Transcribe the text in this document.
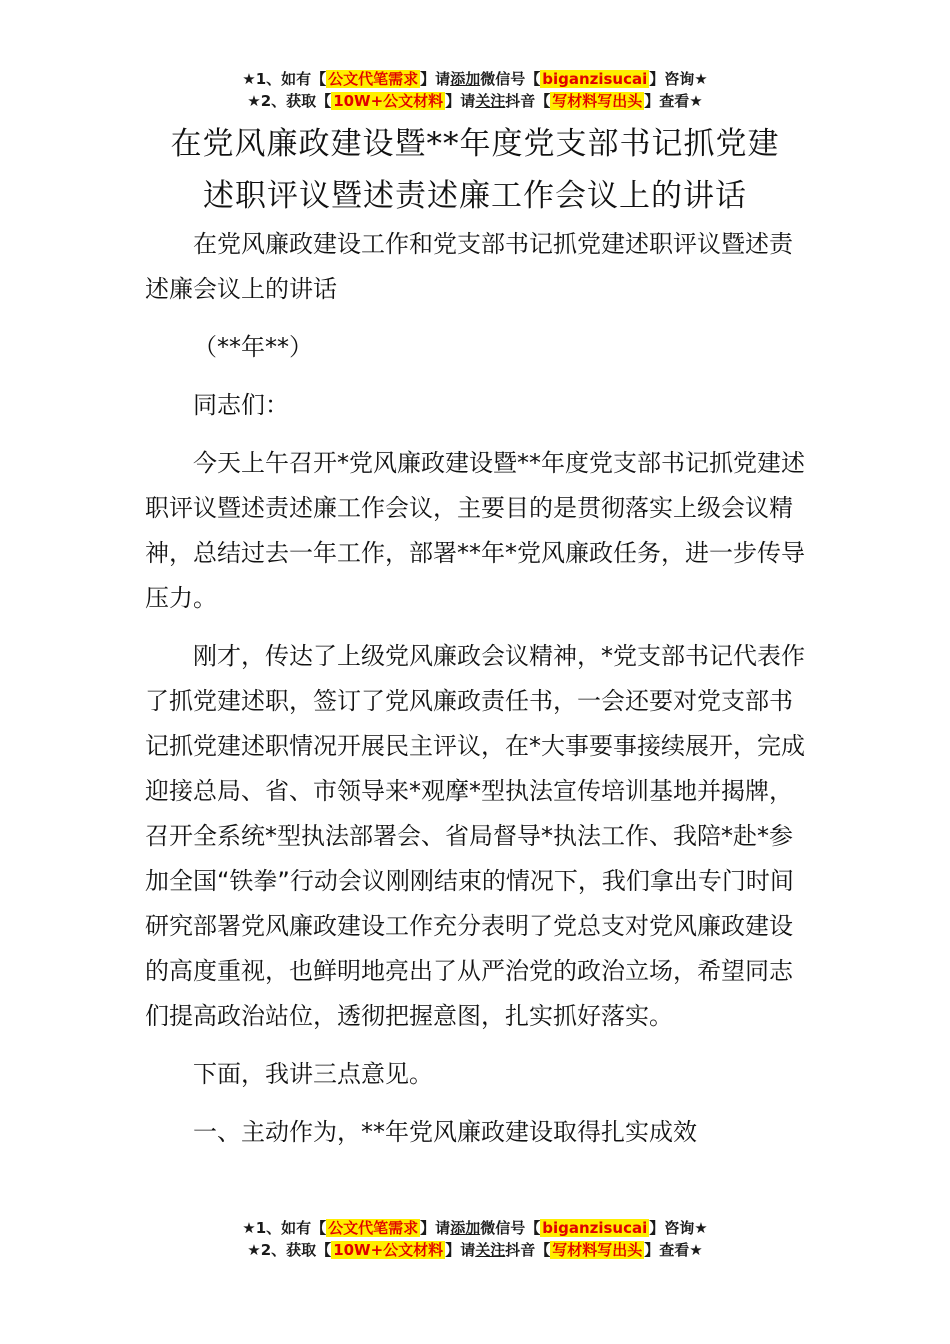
★1、如有【 公文代笔需求 】请添加微信号【 biganzisucai 】咨询★
★2、获取【 10W+公文材料 】请关注抖音【 写材料写出头 】查看★
在党风廉政建设暨**年度党支部书记抓党建
述职评议暨述责述廉工作会议上的讲话

在党风廉政建设工作和党支部书记抓党建述职评议暨述责述廉会议上的讲话

（**年**）

同志们：

今天上午召开*党风廉政建设暨**年度党支部书记抓党建述职评议暨述责述廉工作会议，主要目的是贯彻落实上级会议精神，总结过去一年工作，部署**年*党风廉政任务，进一步传导压力。

刚才，传达了上级党风廉政会议精神，*党支部书记代表作了抓党建述职，签订了党风廉政责任书，一会还要对党支部书记抓党建述职情况开展民主评议，在*大事要事接续展开，完成迎接总局、省、市领导来*观摩*型执法宣传培训基地并揭牌，召开全系统*型执法部署会、省局督导*执法工作、我陪*赴*参加全国“铁拳”行动会议刚刚结束的情况下，我们拿出专门时间研究部署党风廉政建设工作充分表明了党总支对党风廉政建设的高度重视，也鲜明地亮出了从严治党的政治立场，希望同志们提高政治站位，透彻把握意图，扎实抓好落实。

下面，我讲三点意见。

一、主动作为，**年党风廉政建设取得扎实成效

★1、如有【 公文代笔需求 】请添加微信号【 biganzisucai 】咨询★
★2、获取【 10W+公文材料 】请关注抖音【 写材料写出头 】查看★
